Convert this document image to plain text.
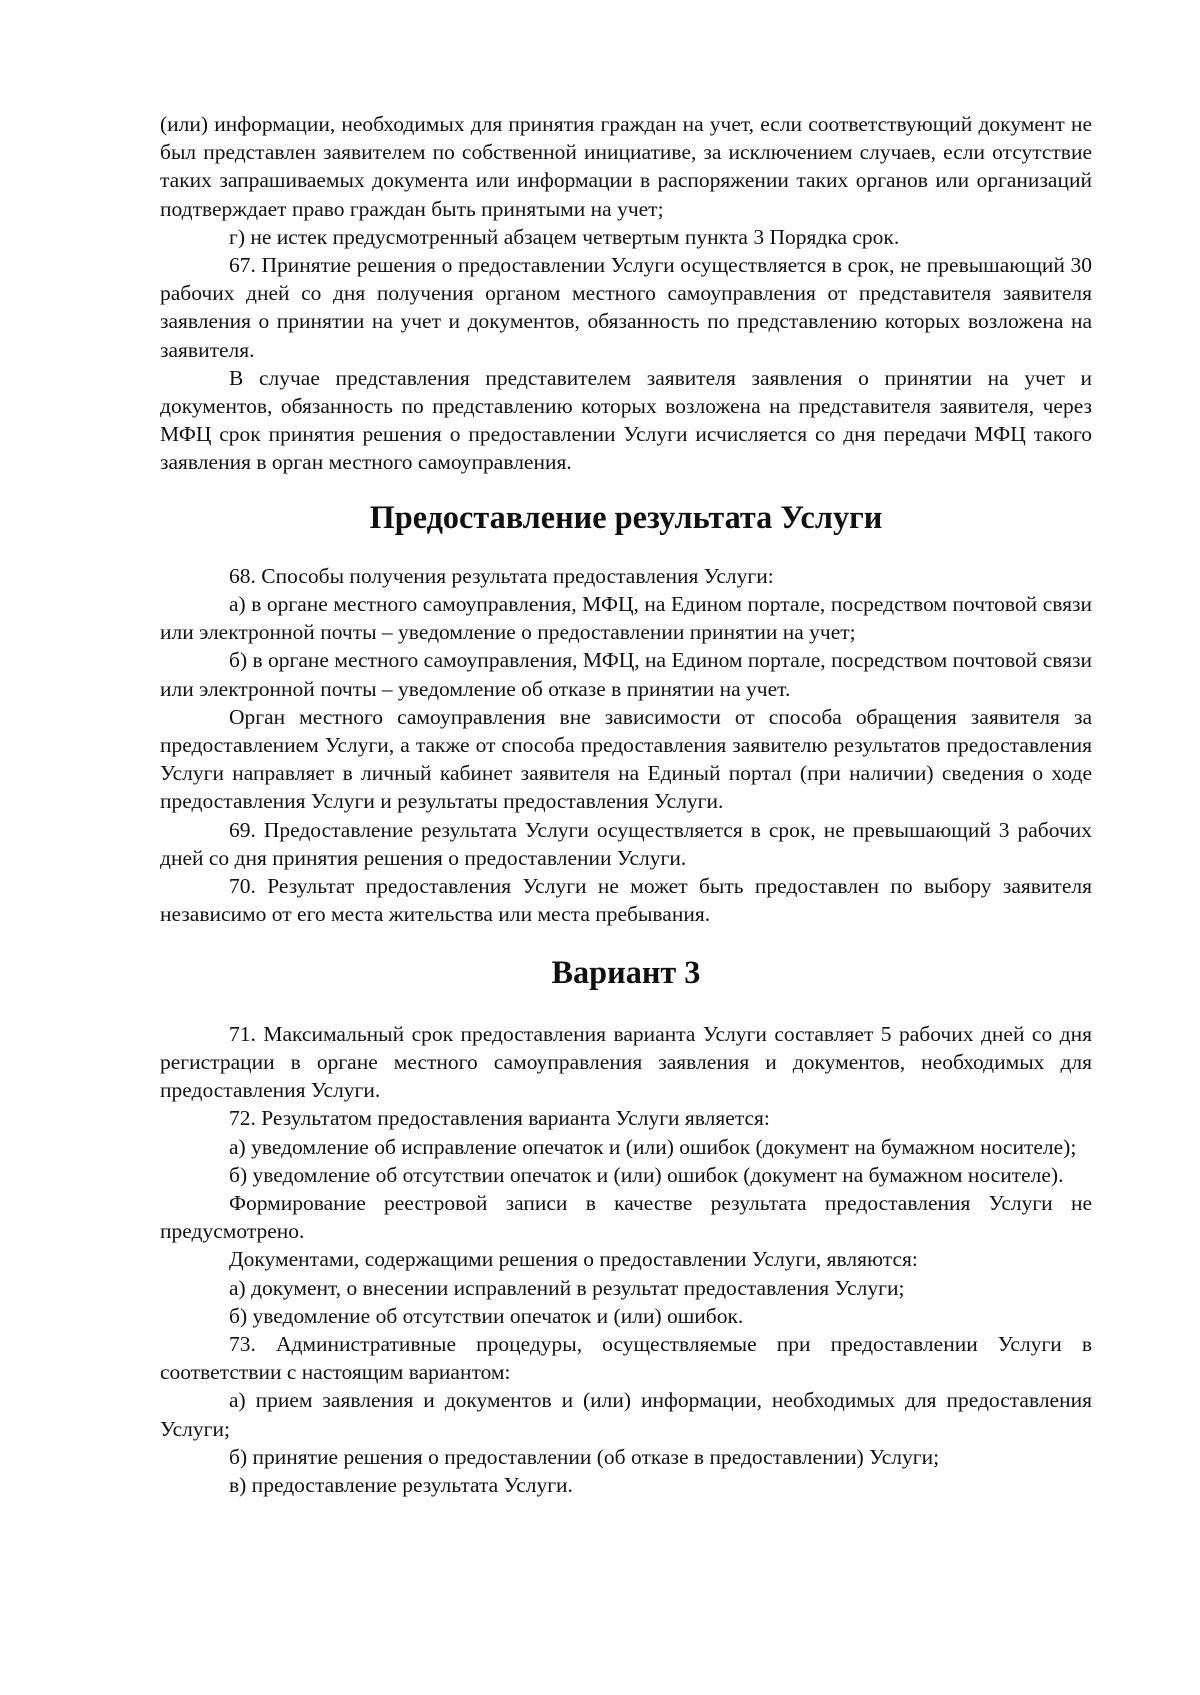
(или) информации, необходимых для принятия граждан на учет, если соответствующий документ не был представлен заявителем по собственной инициативе, за исключением случаев, если отсутствие таких запрашиваемых документа или информации в распоряжении таких органов или организаций подтверждает право граждан быть принятыми на учет;

г) не истек предусмотренный абзацем четвертым пункта 3 Порядка срок.

67. Принятие решения о предоставлении Услуги осуществляется в срок, не превышающий 30 рабочих дней со дня получения органом местного самоуправления от представителя заявителя заявления о принятии на учет и документов, обязанность по представлению которых возложена на заявителя.

В случае представления представителем заявителя заявления о принятии на учет и документов, обязанность по представлению которых возложена на представителя заявителя, через МФЦ срок принятия решения о предоставлении Услуги исчисляется со дня передачи МФЦ такого заявления в орган местного самоуправления.

Предоставление результата Услуги

68. Способы получения результата предоставления Услуги:

а) в органе местного самоуправления, МФЦ, на Едином портале, посредством почтовой связи или электронной почты – уведомление о предоставлении принятии на учет;

б) в органе местного самоуправления, МФЦ, на Едином портале, посредством почтовой связи или электронной почты – уведомление об отказе в принятии на учет.

Орган местного самоуправления вне зависимости от способа обращения заявителя за предоставлением Услуги, а также от способа предоставления заявителю результатов предоставления Услуги направляет в личный кабинет заявителя на Единый портал (при наличии) сведения о ходе предоставления Услуги и результаты предоставления Услуги.

69. Предоставление результата Услуги осуществляется в срок, не превышающий 3 рабочих дней со дня принятия решения о предоставлении Услуги.

70. Результат предоставления Услуги не может быть предоставлен по выбору заявителя независимо от его места жительства или места пребывания.

Вариант 3

71. Максимальный срок предоставления варианта Услуги составляет 5 рабочих дней со дня регистрации в органе местного самоуправления заявления и документов, необходимых для предоставления Услуги.

72. Результатом предоставления варианта Услуги является:

а) уведомление об исправление опечаток и (или) ошибок (документ на бумажном носителе);

б) уведомление об отсутствии опечаток и (или) ошибок (документ на бумажном носителе).

Формирование реестровой записи в качестве результата предоставления Услуги не предусмотрено.

Документами, содержащими решения о предоставлении Услуги, являются:

а) документ, о внесении исправлений в результат предоставления Услуги;

б) уведомление об отсутствии опечаток и (или) ошибок.

73. Административные процедуры, осуществляемые при предоставлении Услуги в соответствии с настоящим вариантом:

а) прием заявления и документов и (или) информации, необходимых для предоставления Услуги;

б) принятие решения о предоставлении (об отказе в предоставлении) Услуги;

в) предоставление результата Услуги.
